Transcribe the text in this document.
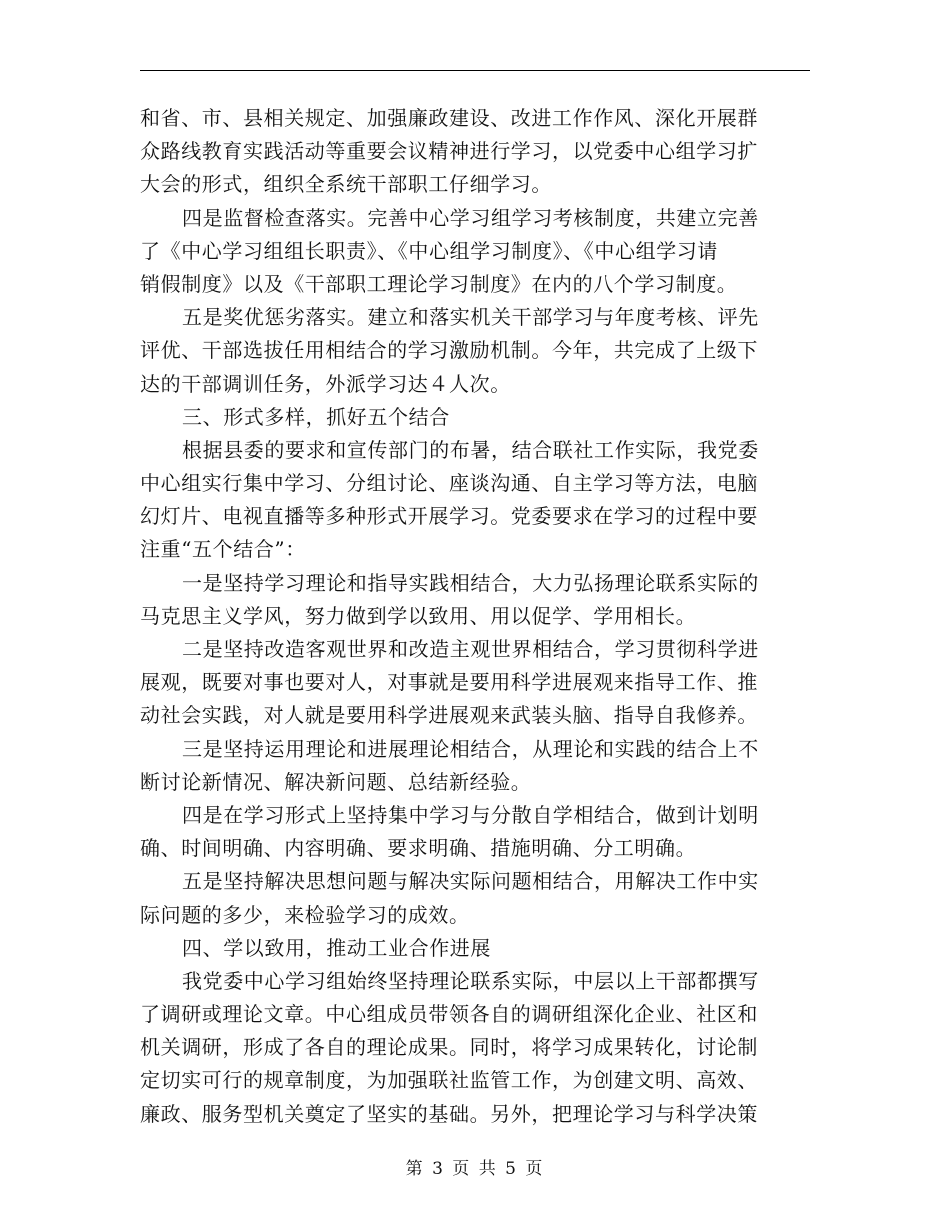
和省、市、县相关规定、加强廉政建设、改进工作作风、深化开展群
众路线教育实践活动等重要会议精神进行学习，以党委中心组学习扩
大会的形式，组织全系统干部职工仔细学习。
四是监督检查落实。完善中心学习组学习考核制度，共建立完善
了《中心学习组组长职责》、《中心组学习制度》、《中心组学习请
销假制度》以及《干部职工理论学习制度》在内的八个学习制度。
五是奖优惩劣落实。建立和落实机关干部学习与年度考核、评先
评优、干部选拔任用相结合的学习激励机制。今年，共完成了上级下
达的干部调训任务，外派学习达４人次。
三、形式多样，抓好五个结合
根据县委的要求和宣传部门的布暑，结合联社工作实际，我党委
中心组实行集中学习、分组讨论、座谈沟通、自主学习等方法，电脑
幻灯片、电视直播等多种形式开展学习。党委要求在学习的过程中要
注重“五个结合”：
一是坚持学习理论和指导实践相结合，大力弘扬理论联系实际的
马克思主义学风，努力做到学以致用、用以促学、学用相长。
二是坚持改造客观世界和改造主观世界相结合，学习贯彻科学进
展观，既要对事也要对人，对事就是要用科学进展观来指导工作、推
动社会实践，对人就是要用科学进展观来武装头脑、指导自我修养。
三是坚持运用理论和进展理论相结合，从理论和实践的结合上不
断讨论新情况、解决新问题、总结新经验。
四是在学习形式上坚持集中学习与分散自学相结合，做到计划明
确、时间明确、内容明确、要求明确、措施明确、分工明确。
五是坚持解决思想问题与解决实际问题相结合，用解决工作中实
际问题的多少，来检验学习的成效。
四、学以致用，推动工业合作进展
我党委中心学习组始终坚持理论联系实际，中层以上干部都撰写
了调研或理论文章。中心组成员带领各自的调研组深化企业、社区和
机关调研，形成了各自的理论成果。同时，将学习成果转化，讨论制
定切实可行的规章制度，为加强联社监管工作，为创建文明、高效、
廉政、服务型机关奠定了坚实的基础。另外，把理论学习与科学决策
第 3 页 共 5 页
